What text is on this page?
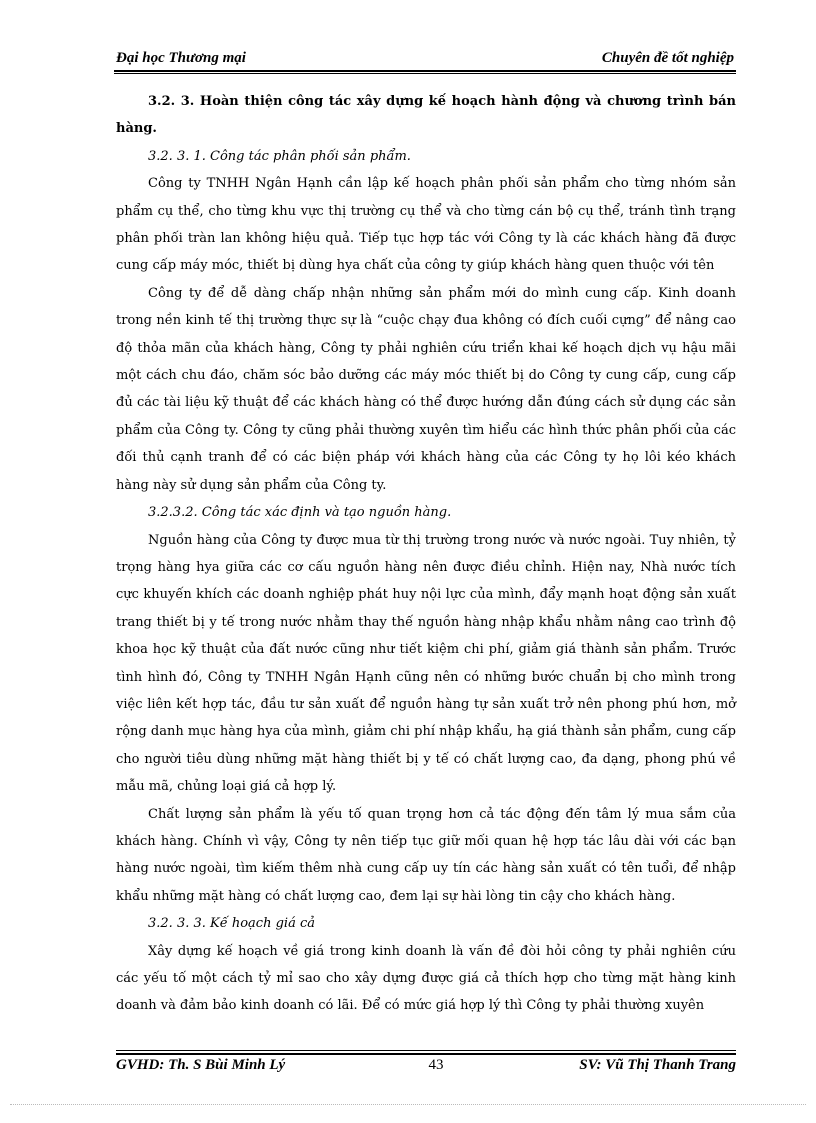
Đại học Thương mại	Chuyên đề tốt nghiệp

3.2. 3. Hoàn thiện công tác xây dựng kế hoạch hành động và chương trình bán hàng.

3.2. 3. 1. Công tác phân phối sản phẩm.

Công ty TNHH Ngân Hạnh cần lập kế hoạch phân phối sản phẩm cho từng nhóm sản phẩm cụ thể, cho từng khu vực thị trường cụ thể và cho từng cán bộ cụ thể, tránh tình trạng phân phối tràn lan không hiệu quả. Tiếp tục hợp tác với Công ty là các khách hàng đã được cung cấp máy móc, thiết bị dùng hya chất của công ty giúp khách hàng quen thuộc với tên

Công ty để dễ dàng chấp nhận những sản phẩm mới do mình cung cấp. Kinh doanh trong nền kinh tế thị trường thực sự là “cuộc chạy đua không có đích cuối cựng” để nâng cao độ thỏa mãn của khách hàng, Công ty phải nghiên cứu triển khai kế hoạch dịch vụ hậu mãi một cách chu đáo, chăm sóc bảo dưỡng các máy móc thiết bị do Công ty cung cấp, cung cấp đủ các tài liệu kỹ thuật để các khách hàng có thể được hướng dẫn đúng cách sử dụng các sản phẩm của Công ty. Công ty cũng phải thường xuyên tìm hiểu các hình thức phân phối của các đối thủ cạnh tranh để có các biện pháp với khách hàng của các Công ty họ lôi kéo khách hàng này sử dụng sản phẩm của Công ty.

3.2.3.2. Công tác xác định và tạo nguồn hàng.

Nguồn hàng của Công ty được mua từ thị trường trong nước và nước ngoài. Tuy nhiên, tỷ trọng hàng hya giữa các cơ cấu nguồn hàng nên được điều chỉnh. Hiện nay, Nhà nước tích cực khuyến khích các doanh nghiệp phát huy nội lực của mình, đẩy mạnh hoạt động sản xuất trang thiết bị y tế trong nước nhằm thay thế nguồn hàng nhập khẩu nhằm nâng cao trình độ khoa học kỹ thuật của đất nước cũng như tiết kiệm chi phí, giảm giá thành sản phẩm. Trước tình hình đó, Công ty TNHH Ngân Hạnh cũng nên có những bước chuẩn bị cho mình trong việc liên kết hợp tác, đầu tư sản xuất để nguồn hàng tự sản xuất trở nên phong phú hơn, mở rộng danh mục hàng hya của mình, giảm chi phí nhập khẩu, hạ giá thành sản phẩm, cung cấp cho người tiêu dùng những mặt hàng thiết bị y tế có chất lượng cao, đa dạng, phong phú về mẫu mã, chủng loại giá cả hợp lý.

Chất lượng sản phẩm là yếu tố quan trọng hơn cả tác động đến tâm lý mua sắm của khách hàng. Chính vì vậy, Công ty nên tiếp tục giữ mối quan hệ hợp tác lâu dài với các bạn hàng nước ngoài, tìm kiếm thêm nhà cung cấp uy tín các hàng sản xuất có tên tuổi, để nhập khẩu những mặt hàng có chất lượng cao, đem lại sự hài lòng tin cậy cho khách hàng.

3.2. 3. 3. Kế hoạch giá cả

Xây dựng kế hoạch về giá trong kinh doanh là vấn đề đòi hỏi công ty phải nghiên cứu các yếu tố một cách tỷ mỉ sao cho xây dựng được giá cả thích hợp cho từng mặt hàng kinh doanh và đảm bảo kinh doanh có lãi. Để có mức giá hợp lý thì Công ty phải thường xuyên

GVHD: Th. S Bùi Minh Lý	43	SV: Vũ Thị Thanh Trang
